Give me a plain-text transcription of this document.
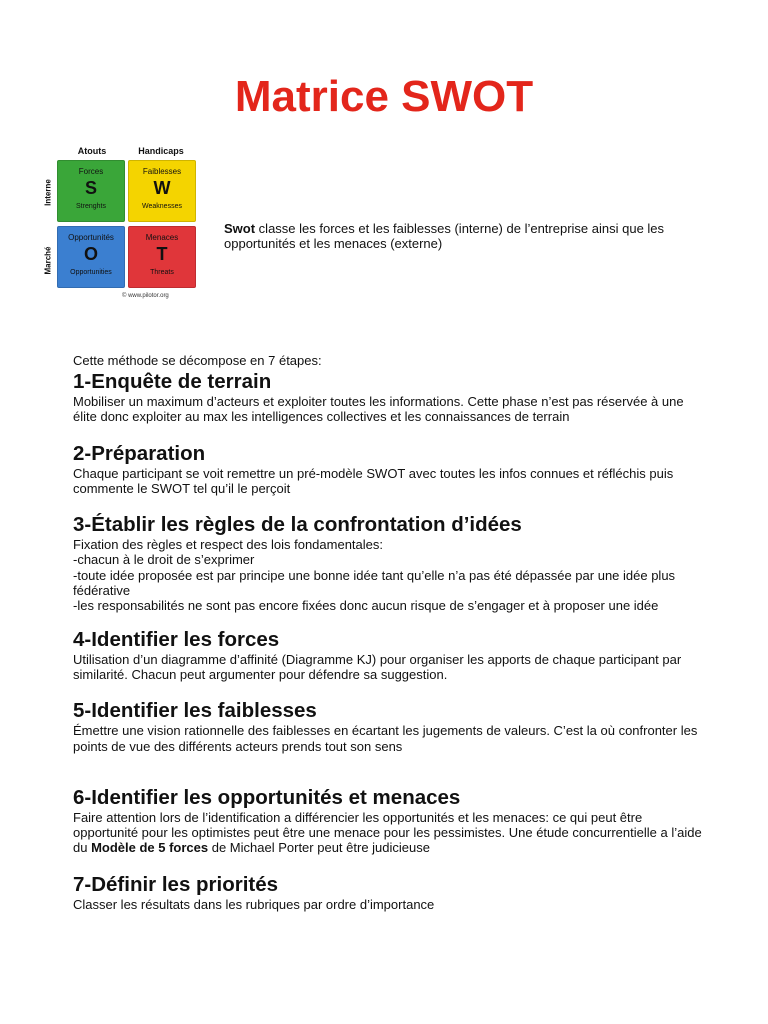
Matrice SWOT
Atouts	Handicaps
Interne
Marché
Forces
S
Strenghts
Faiblesses
W
Weaknesses
Opportunités
O
Opportunities
Menaces
T
Threats
© www.pilotor.org

Swot classe les forces et les faiblesses (interne) de l’entreprise ainsi que les opportunités et les menaces (externe)

Cette méthode se décompose en 7 étapes:

1-Enquête de terrain

Mobiliser un maximum d’acteurs et exploiter toutes les informations. Cette phase n’est pas réservée à une élite donc exploiter au max les intelligences collectives et les connaissances de terrain

2-Préparation

Chaque participant se voit remettre un pré-modèle SWOT avec toutes les infos connues et réfléchis puis commente le SWOT tel qu’il le perçoit

3-Établir les règles de la confrontation d’idées

Fixation des règles et respect des lois fondamentales:

-chacun à le droit de s’exprimer

-toute idée proposée est par principe une bonne idée tant qu’elle n’a pas été dépassée par une idée plus fédérative

-les responsabilités ne sont pas encore fixées donc aucun risque de s’engager et à proposer une idée

4-Identifier les forces

Utilisation d’un diagramme d’affinité (Diagramme KJ) pour organiser les apports de chaque participant par similarité. Chacun peut argumenter pour défendre sa suggestion.

5-Identifier les faiblesses

Émettre une vision rationnelle des faiblesses en écartant les jugements de valeurs. C’est la où confronter les points de vue des différents acteurs prends tout son sens

6-Identifier les opportunités et menaces

Faire attention lors de l’identification a différencier les opportunités et les menaces: ce qui peut être opportunité pour les optimistes peut être une menace pour les pessimistes. Une étude concurrentielle a l’aide du Modèle de 5 forces de Michael Porter peut être judicieuse

7-Définir les priorités

Classer les résultats dans les rubriques par ordre d’importance
